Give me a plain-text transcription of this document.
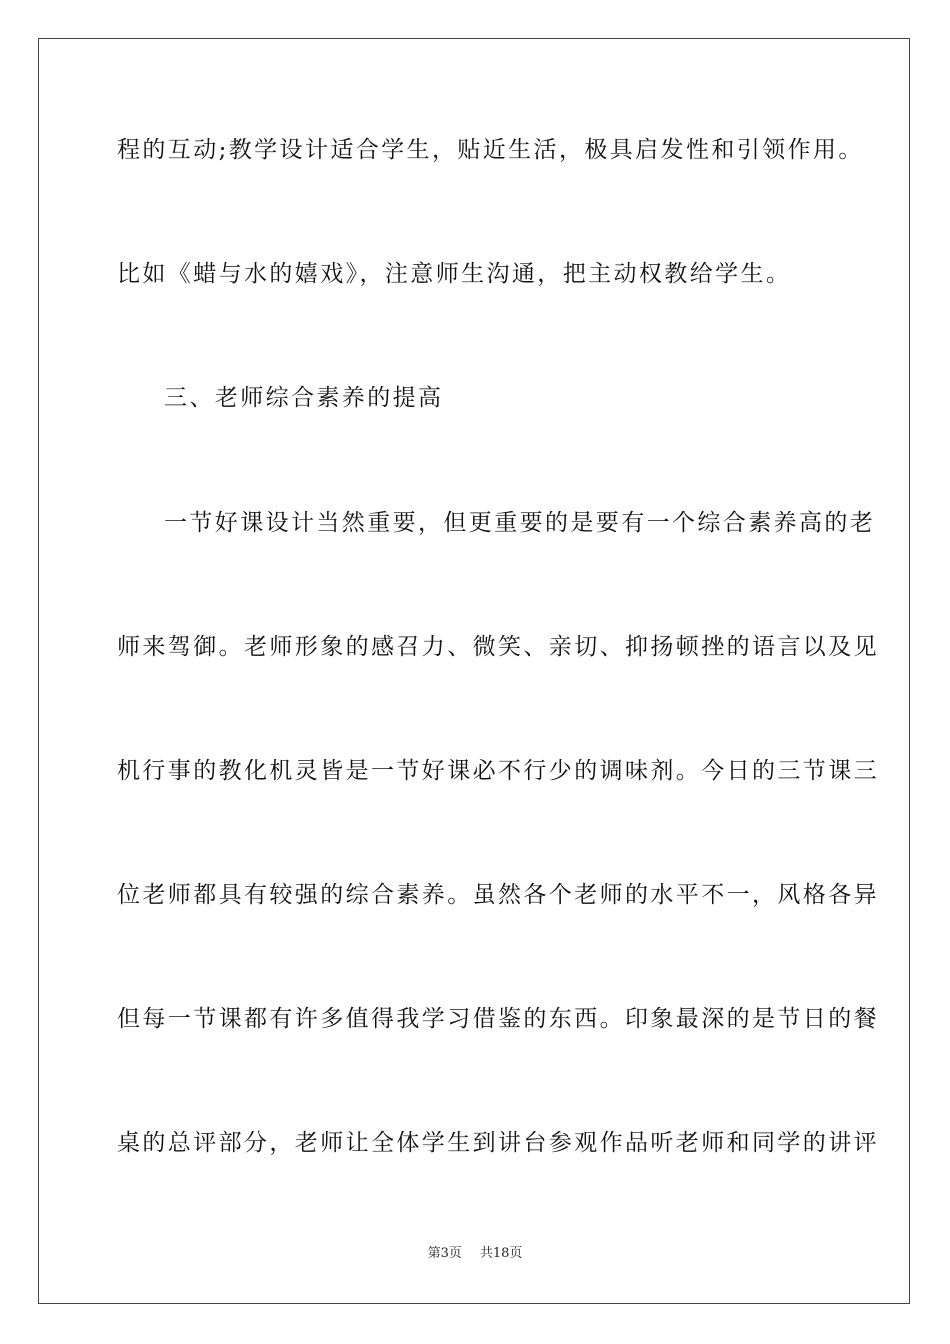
程的互动;教学设计适合学生，贴近生活，极具启发性和引领作用。
比如《蜡与水的嬉戏》，注意师生沟通，把主动权教给学生。
三、老师综合素养的提高
一节好课设计当然重要，但更重要的是要有一个综合素养高的老
师来驾御。老师形象的感召力、微笑、亲切、抑扬顿挫的语言以及见
机行事的教化机灵皆是一节好课必不行少的调味剂。今日的三节课三
位老师都具有较强的综合素养。虽然各个老师的水平不一，风格各异
但每一节课都有许多值得我学习借鉴的东西。印象最深的是节日的餐
桌的总评部分，老师让全体学生到讲台参观作品听老师和同学的讲评
第3页 共18页
